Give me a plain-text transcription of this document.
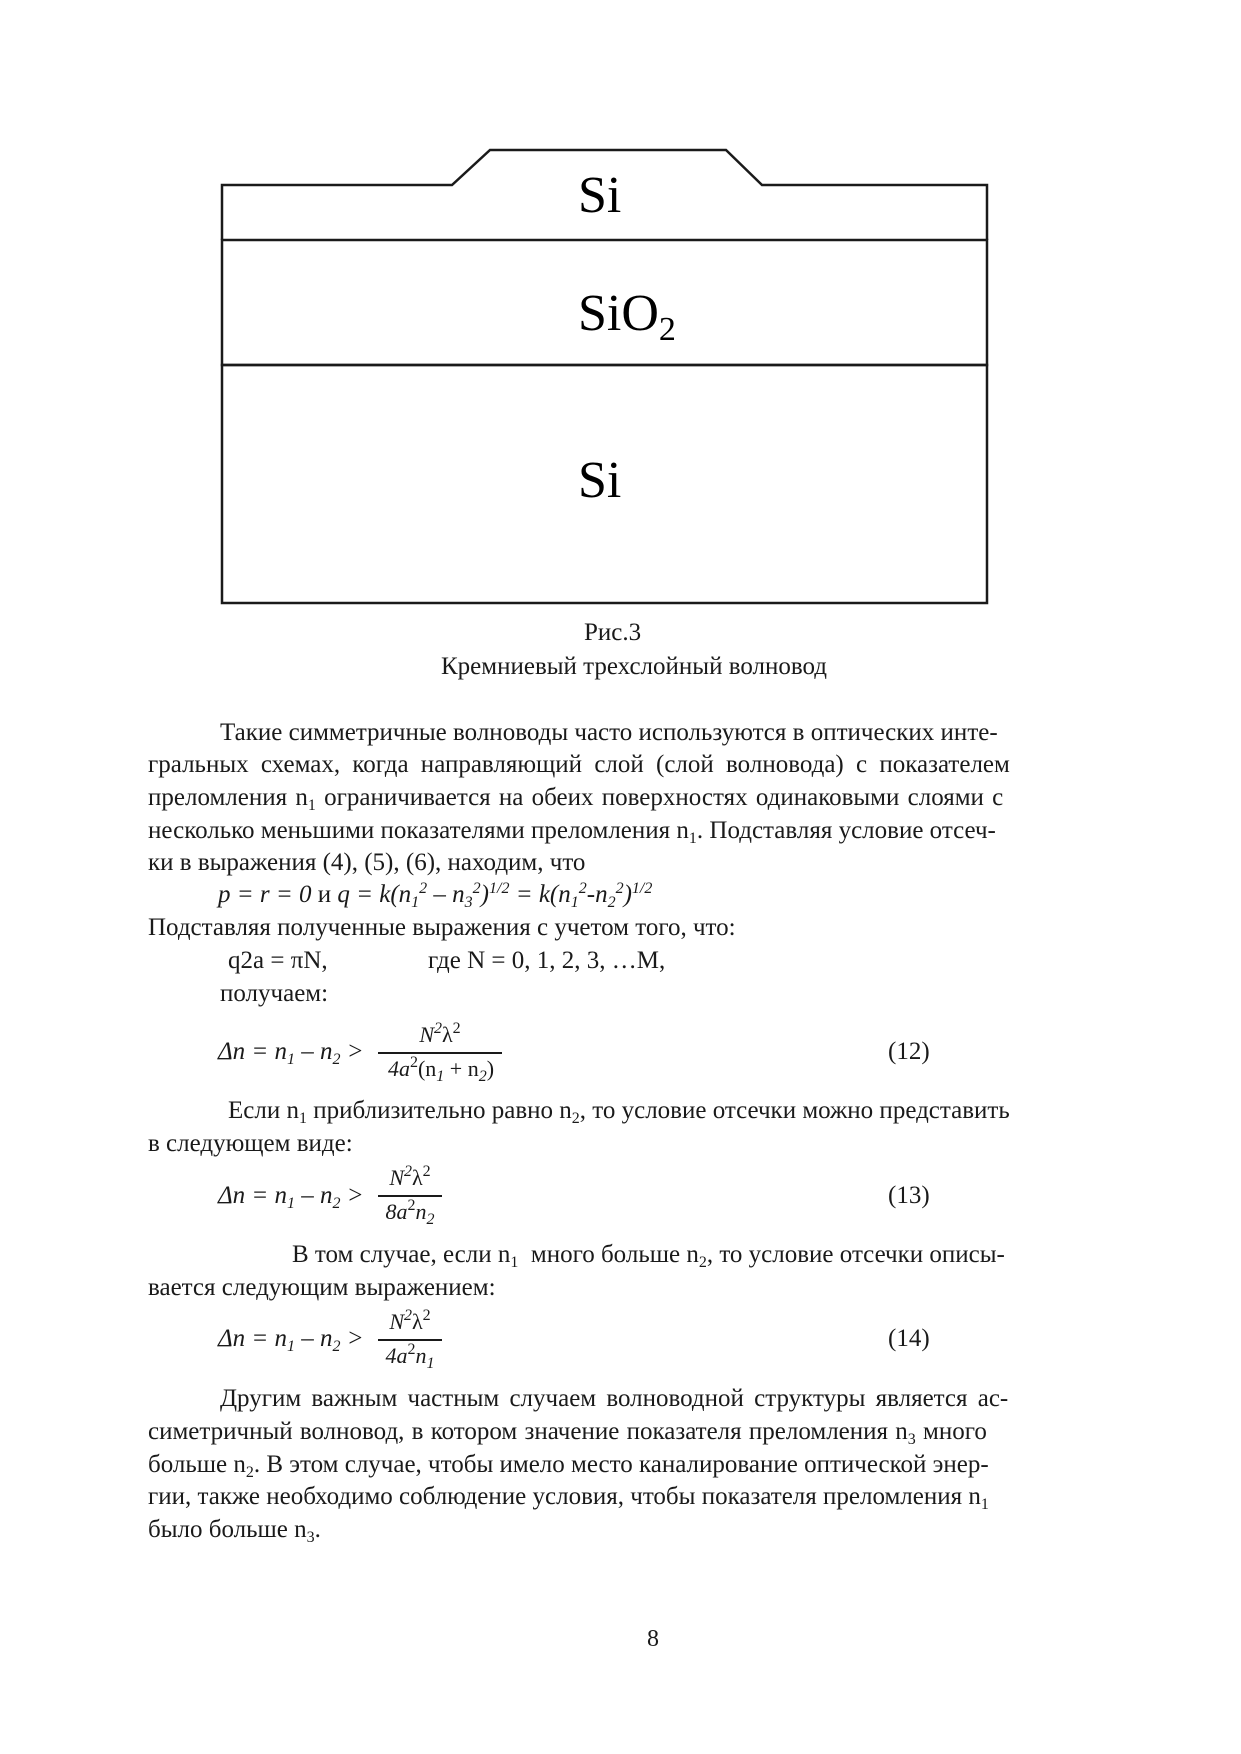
Si
SiO2
Si
Рис.3
Кремниевый трехслойный волновод
Такие симметричные волноводы часто используются в оптических инте-
гральных схемах, когда направляющий слой (слой волновода) с показателем
преломления $n_1$ ограничивается на обеих поверхностях одинаковыми слоями с
несколько меньшими показателями преломления $n_1$. Подставляя условие отсеч-
ки в выражения (4), (5), (6), находим, что
p = r = 0 и $q = k(n_1^2 - n_3^2)^{1/2} = k(n_1^2-n_2^2)^{1/2}$
Подставляя полученные выражения с учетом того, что:
q2a = πN,	где N = 0, 1, 2, 3, …M,
получаем:
$\Delta n = n_1 - n_2$ >
$N^2\lambda^2$
$4a^2(n_1 + n_2)$
(12)
Если $n_1$ приблизительно равно $n_2$, то условие отсечки можно представить
в следующем виде:
$\Delta n = n_1 - n_2$ >
$N^2\lambda^2$
$8a^2n_2$
(13)
В том случае, если $n_1$ много больше $n_2$, то условие отсечки описы-
вается следующим выражением:
$\Delta n = n_1 - n_2$ >
$N^2\lambda^2$
$4a^2n_1$
(14)
Другим важным частным случаем волноводной структуры является ас-
симетричный волновод, в котором значение показателя преломления $n_3$ много
больше $n_2$. В этом случае, чтобы имело место каналирование оптической энер-
гии, также необходимо соблюдение условия, чтобы показателя преломления $n_1$
было больше $n_3$.
8
